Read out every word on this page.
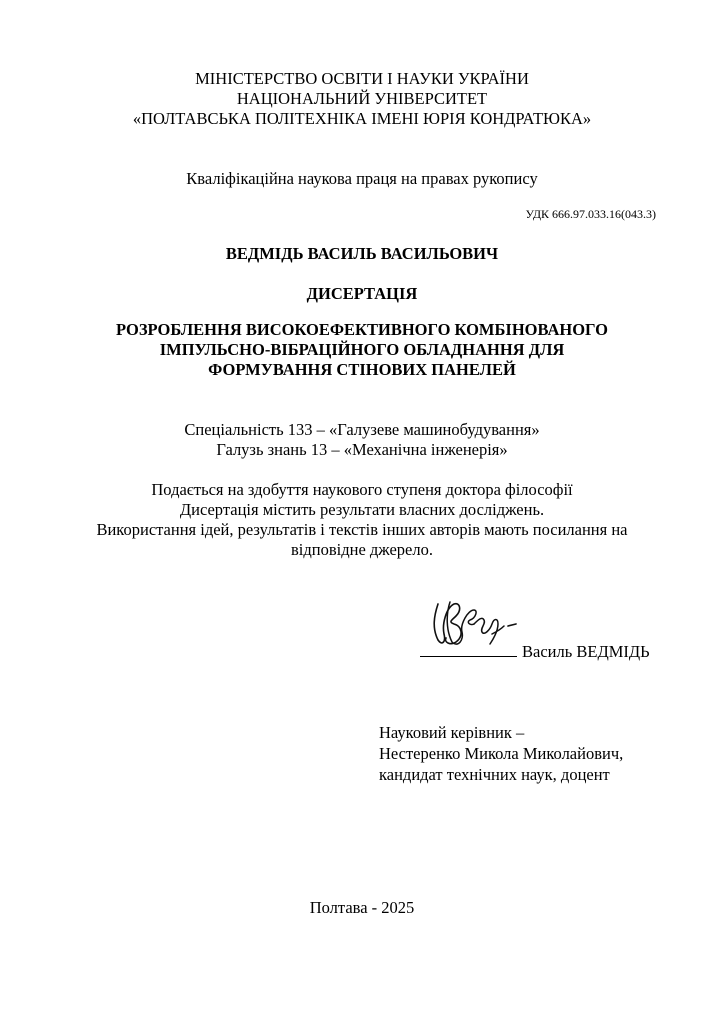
МІНІСТЕРСТВО ОСВІТИ І НАУКИ УКРАЇНИ
НАЦІОНАЛЬНИЙ УНІВЕРСИТЕТ
«ПОЛТАВСЬКА ПОЛІТЕХНІКА ІМЕНІ ЮРІЯ КОНДРАТЮКА»
Кваліфікаційна наукова праця на правах рукопису
УДК 666.97.033.16(043.3)
ВЕДМІДЬ ВАСИЛЬ ВАСИЛЬОВИЧ
ДИСЕРТАЦІЯ
РОЗРОБЛЕННЯ ВИСОКОЕФЕКТИВНОГО КОМБІНОВАНОГО
ІМПУЛЬСНО-ВІБРАЦІЙНОГО ОБЛАДНАННЯ ДЛЯ
ФОРМУВАННЯ СТІНОВИХ ПАНЕЛЕЙ
Спеціальність 133 – «Галузеве машинобудування»
Галузь знань 13 – «Механічна інженерія»
Подається на здобуття наукового ступеня доктора філософії
Дисертація містить результати власних досліджень.
Використання ідей, результатів і текстів інших авторів мають посилання на
відповідне джерело.
Василь ВЕДМІДЬ
Науковий керівник –
Нестеренко Микола Миколайович,
кандидат технічних наук, доцент
Полтава - 2025
